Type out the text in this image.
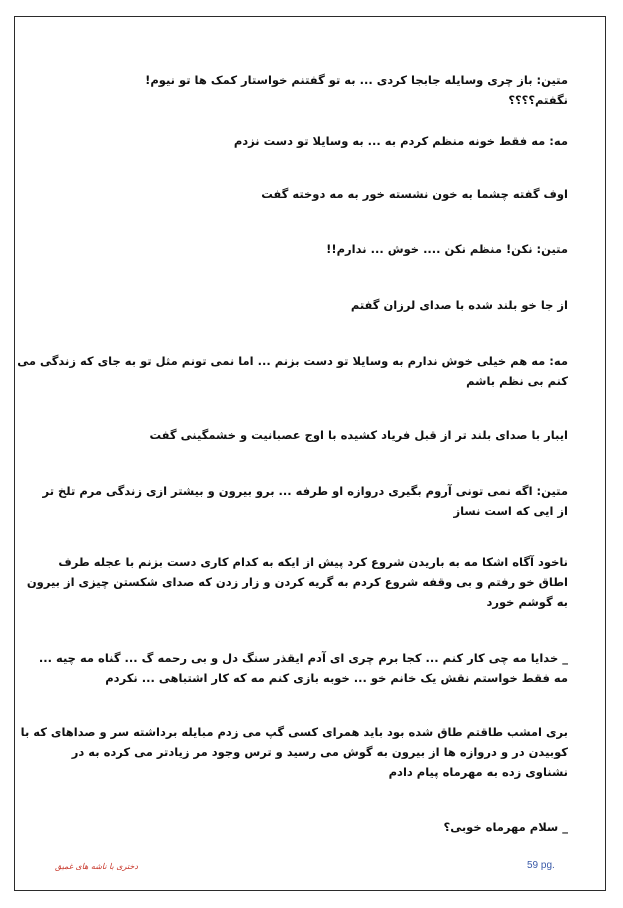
متین: باز چری وسایله جابجا کردی ... به تو گفتنم خواستار کمک ها تو نیوم!
نگفتم؟؟؟؟
مه: مه فقط خونه منظم کردم به ... به وسایلا تو دست نزدم
اوف گفته چشما به خون نشسته خور به مه دوخته گفت
متین: نکن! منظم نکن .... خوش ... ندارم!!
از جا خو بلند شده با صدای لرزان گفتم
مه: مه هم خیلی خوش ندارم به وسایلا تو دست بزنم ... اما نمی تونم مثل تو به جای که زندگی می
کنم بی نظم باشم
ایبار با صدای بلند تر از قبل فریاد کشیده با اوج عصبانیت و خشمگینی گفت
متین: اگه نمی تونی آروم بگیری دروازه او طرفه ... برو بیرون و بیشتر ازی زندگی مرم تلخ تر
از ایی که است نساز
ناخود آگاه اشکا مه به باریدن شروع کرد پیش از ایکه به کدام کاری دست بزنم با عجله طرف
اطاق خو رفتم و بی وقفه شروع کردم به گریه کردن و زار زدن که صدای شکستن چیزی از بیرون
به گوشم خورد
_ خدایا مه چی کار کنم ... کجا برم چری ای آدم ایقذر سنگ دل و بی رحمه گ ... گناه مه چیه ...
مه فقط خواستم نقش یک خانم خو ... خوبه بازی کنم مه که کار اشتباهی ... نکردم
بری امشب طاقتم طاق شده بود باید همرای کسی گپ می زدم مبایله برداشته سر و صداهای که با
کوبیدن در و دروازه ها از بیرون به گوش می رسید و ترس وجود مر زیادتر می کرده به در
نشناوی زده به مهرماه پیام دادم
_ سلام مهرماه خوبی؟
دختری با ناشه های غمیق	59 pg.
